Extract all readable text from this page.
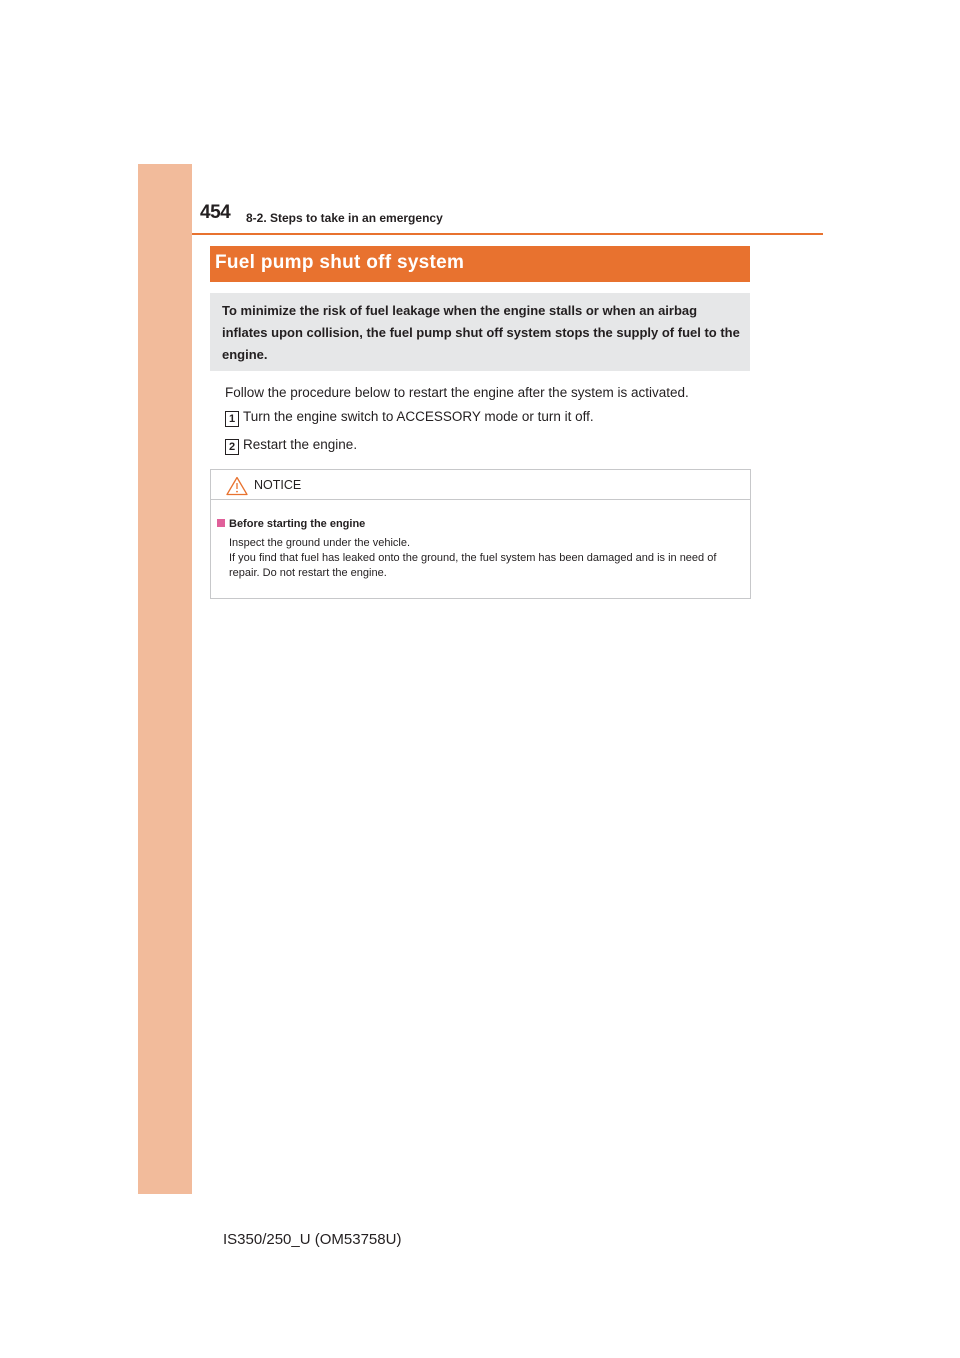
454 8-2. Steps to take in an emergency
Fuel pump shut off system
To minimize the risk of fuel leakage when the engine stalls or when an airbag inflates upon collision, the fuel pump shut off system stops the supply of fuel to the engine.
Follow the procedure below to restart the engine after the system is activated.
1 Turn the engine switch to ACCESSORY mode or turn it off.
2 Restart the engine.
NOTICE
Before starting the engine

Inspect the ground under the vehicle.

If you find that fuel has leaked onto the ground, the fuel system has been damaged and is in need of repair. Do not restart the engine.

IS350/250_U (OM53758U)
